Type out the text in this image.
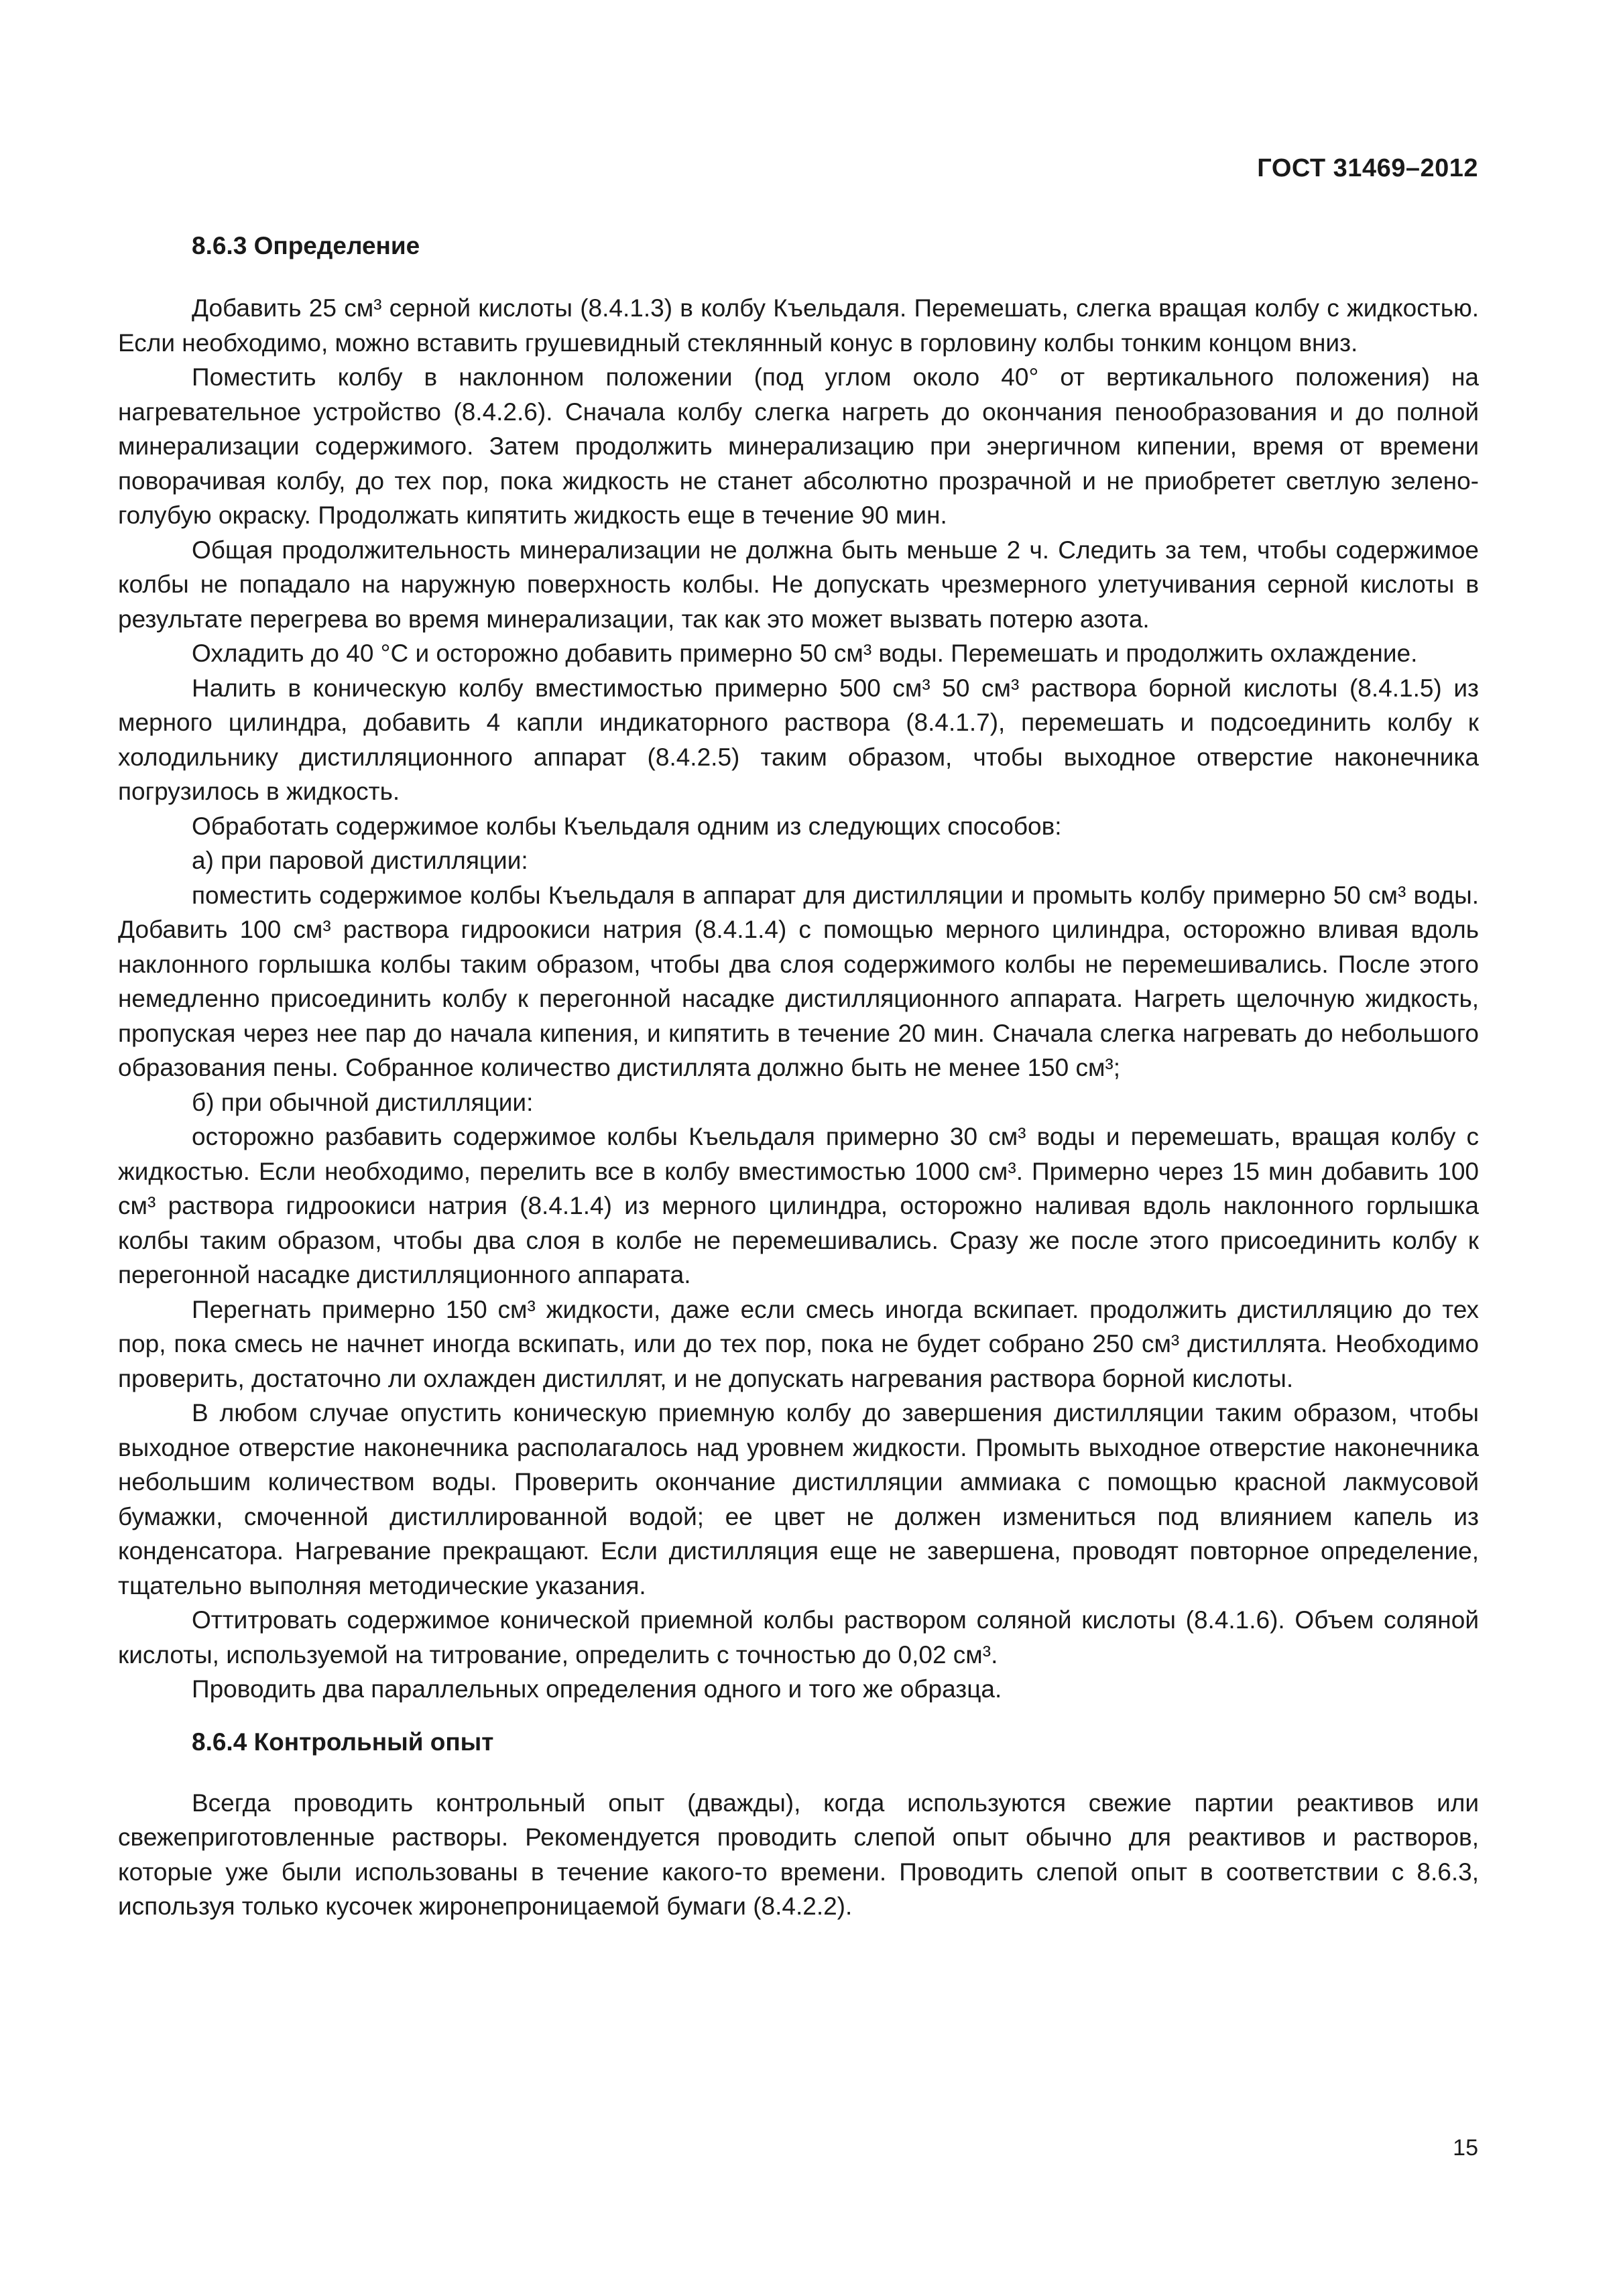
ГОСТ 31469–2012
8.6.3 Определение

Добавить 25 см³ серной кислоты (8.4.1.3) в колбу Къельдаля. Перемешать, слегка вращая колбу с жидкостью. Если необходимо, можно вставить грушевидный стеклянный конус в горловину колбы тонким концом вниз.

Поместить колбу в наклонном положении (под углом около 40° от вертикального положения) на нагревательное устройство (8.4.2.6). Сначала колбу слегка нагреть до окончания пенообразования и до полной минерализации содержимого. Затем продолжить минерализацию при энергичном кипении, время от времени поворачивая колбу, до тех пор, пока жидкость не станет абсолютно прозрачной и не приобретет светлую зелено-голубую окраску. Продолжать кипятить жидкость еще в течение 90 мин.

Общая продолжительность минерализации не должна быть меньше 2 ч. Следить за тем, чтобы содержимое колбы не попадало на наружную поверхность колбы. Не допускать чрезмерного улетучивания серной кислоты в результате перегрева во время минерализации, так как это может вызвать потерю азота.

Охладить до 40 °С и осторожно добавить примерно 50 см³ воды. Перемешать и продолжить охлаждение.

Налить в коническую колбу вместимостью примерно 500 см³ 50 см³ раствора борной кислоты (8.4.1.5) из мерного цилиндра, добавить 4 капли индикаторного раствора (8.4.1.7), перемешать и подсоединить колбу к холодильнику дистилляционного аппарат (8.4.2.5) таким образом, чтобы выходное отверстие наконечника погрузилось в жидкость.

Обработать содержимое колбы Къельдаля одним из следующих способов:

а) при паровой дистилляции:

поместить содержимое колбы Къельдаля в аппарат для дистилляции и промыть колбу примерно 50 см³ воды. Добавить 100 см³ раствора гидроокиси натрия (8.4.1.4) с помощью мерного цилиндра, осторожно вливая вдоль наклонного горлышка колбы таким образом, чтобы два слоя содержимого колбы не перемешивались. После этого немедленно присоединить колбу к перегонной насадке дистилляционного аппарата. Нагреть щелочную жидкость, пропуская через нее пар до начала кипения, и кипятить в течение 20 мин. Сначала слегка нагревать до небольшого образования пены. Собранное количество дистиллята должно быть не менее 150 см³;

б) при обычной дистилляции:

осторожно разбавить содержимое колбы Къельдаля примерно 30 см³ воды и перемешать, вращая колбу с жидкостью. Если необходимо, перелить все в колбу вместимостью 1000 см³. Примерно через 15 мин добавить 100 см³ раствора гидроокиси натрия (8.4.1.4) из мерного цилиндра, осторожно наливая вдоль наклонного горлышка колбы таким образом, чтобы два слоя в колбе не перемешивались. Сразу же после этого присоединить колбу к перегонной насадке дистилляционного аппарата.

Перегнать примерно 150 см³ жидкости, даже если смесь иногда вскипает. продолжить дистилляцию до тех пор, пока смесь не начнет иногда вскипать, или до тех пор, пока не будет собрано 250 см³ дистиллята. Необходимо проверить, достаточно ли охлажден дистиллят, и не допускать нагревания раствора борной кислоты.

В любом случае опустить коническую приемную колбу до завершения дистилляции таким образом, чтобы выходное отверстие наконечника располагалось над уровнем жидкости. Промыть выходное отверстие наконечника небольшим количеством воды. Проверить окончание дистилляции аммиака с помощью красной лакмусовой бумажки, смоченной дистиллированной водой; ее цвет не должен измениться под влиянием капель из конденсатора. Нагревание прекращают. Если дистилляция еще не завершена, проводят повторное определение, тщательно выполняя методические указания.

Оттитровать содержимое конической приемной колбы раствором соляной кислоты (8.4.1.6). Объем соляной кислоты, используемой на титрование, определить с точностью до 0,02 см³.

Проводить два параллельных определения одного и того же образца.

8.6.4 Контрольный опыт

Всегда проводить контрольный опыт (дважды), когда используются свежие партии реактивов или свежеприготовленные растворы. Рекомендуется проводить слепой опыт обычно для реактивов и растворов, которые уже были использованы в течение какого-то времени. Проводить слепой опыт в соответствии с 8.6.3, используя только кусочек жиронепроницаемой бумаги (8.4.2.2).

15
